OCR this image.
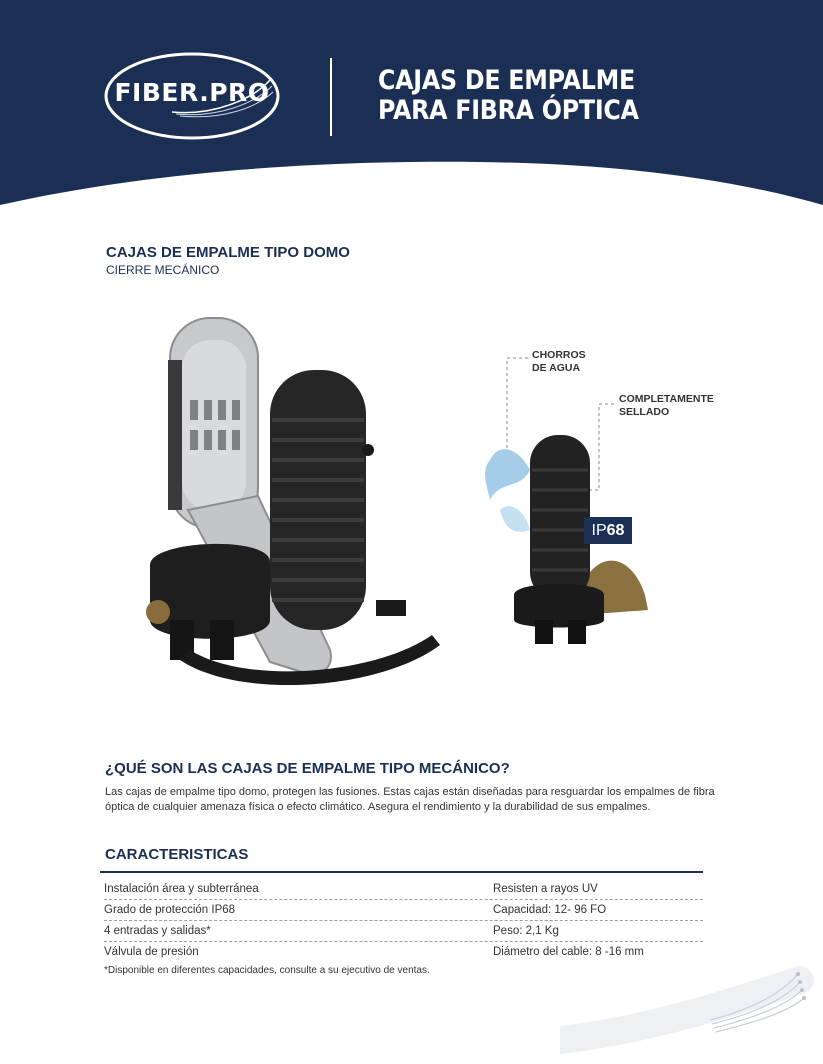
FIBER.PRO	CAJAS DE EMPALME
PARA FIBRA ÓPTICA
CAJAS DE EMPALME TIPO DOMO
CIERRE MECÁNICO
CHORROS
DE AGUA
COMPLETAMENTE
SELLADO
IP68
¿QUÉ SON LAS CAJAS DE EMPALME TIPO MECÁNICO?
Las cajas de empalme tipo domo, protegen las fusiones. Estas cajas están diseñadas para resguardar los empalmes de fibra óptica de cualquier amenaza física o efecto climático. Asegura el rendimiento y la durabilidad de sus empalmes.
CARACTERISTICAS
Instalación área y subterránea	Resisten a rayos UV
Grado de protección IP68	Capacidad: 12- 96 FO
4 entradas y salidas*	Peso: 2,1 Kg
Válvula de presión	Diámetro del cable: 8 -16 mm
*Disponible en diferentes capacidades, consulte a su ejecutivo de ventas.
